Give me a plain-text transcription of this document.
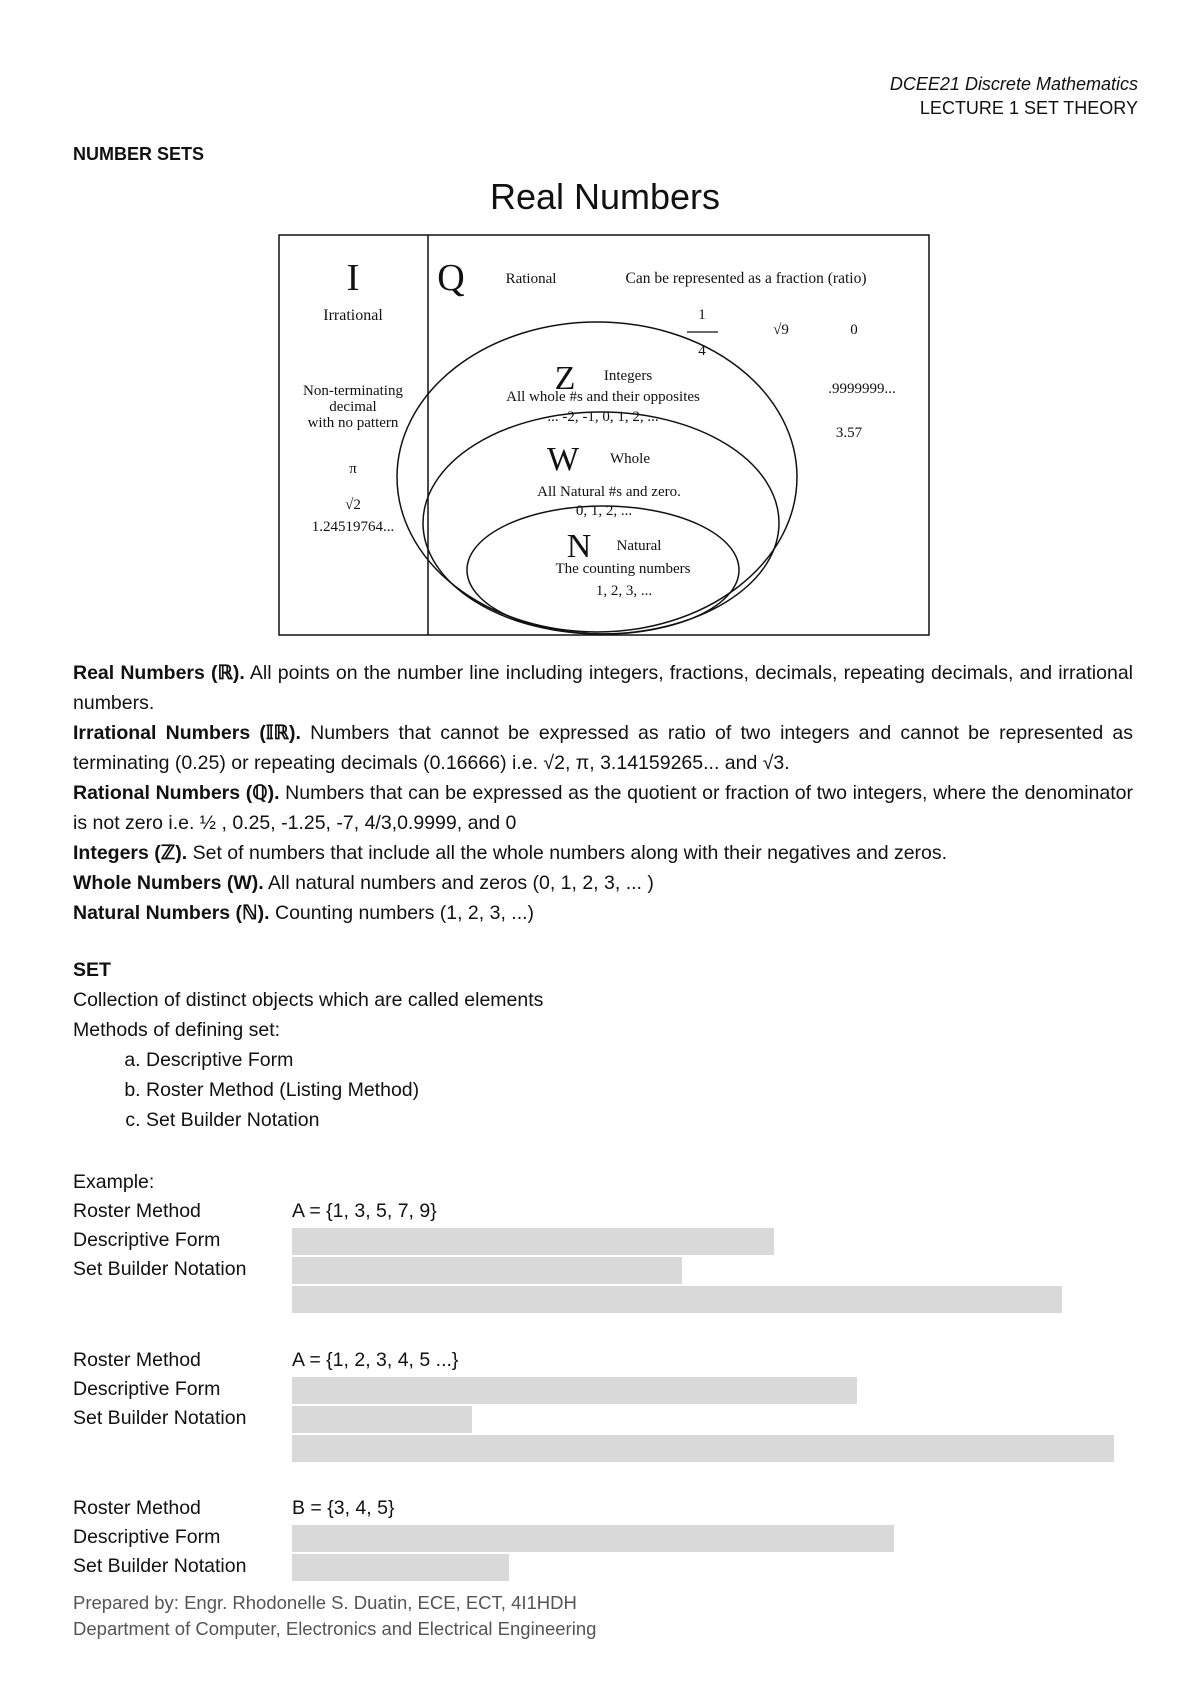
DCEE21 Discrete Mathematics
LECTURE 1 SET THEORY
NUMBER SETS
Real Numbers
I
Irrational
Non-terminating
decimal
with no pattern
π
√2
1.24519764...
Q	Rational	Can be represented as a fraction (ratio)
1
4
√9	0
.9999999...
3.57
Z Integers
All whole #s and their opposites
... -2, -1, 0, 1, 2, ...
W Whole
All Natural #s and zero.
0, 1, 2, ...
N Natural
The counting numbers
1, 2, 3, ...

Real Numbers (ℝ). All points on the number line including integers, fractions, decimals, repeating decimals, and irrational numbers.

Irrational Numbers (𝕀ℝ). Numbers that cannot be expressed as ratio of two integers and cannot be represented as terminating (0.25) or repeating decimals (0.16666) i.e. √2, π, 3.14159265... and √3.

Rational Numbers (ℚ). Numbers that can be expressed as the quotient or fraction of two integers, where the denominator is not zero i.e. ½ , 0.25, -1.25, -7, 4/3,0.9999, and 0

Integers (ℤ). Set of numbers that include all the whole numbers along with their negatives and zeros.

Whole Numbers (W). All natural numbers and zeros (0, 1, 2, 3, ... )

Natural Numbers (ℕ). Counting numbers (1, 2, 3, ...)

SET
Collection of distinct objects which are called elements
Methods of defining set:
a. Descriptive Form
b. Roster Method (Listing Method)
c. Set Builder Notation
Example:
Roster Method	A = {1, 3, 5, 7, 9}
Descriptive Form
Set Builder Notation
Roster Method	A = {1, 2, 3, 4, 5 ...}
Descriptive Form
Set Builder Notation
Roster Method	B = {3, 4, 5}
Descriptive Form
Set Builder Notation
Prepared by: Engr. Rhodonelle S. Duatin, ECE, ECT, 4I1HDH
Department of Computer, Electronics and Electrical Engineering
